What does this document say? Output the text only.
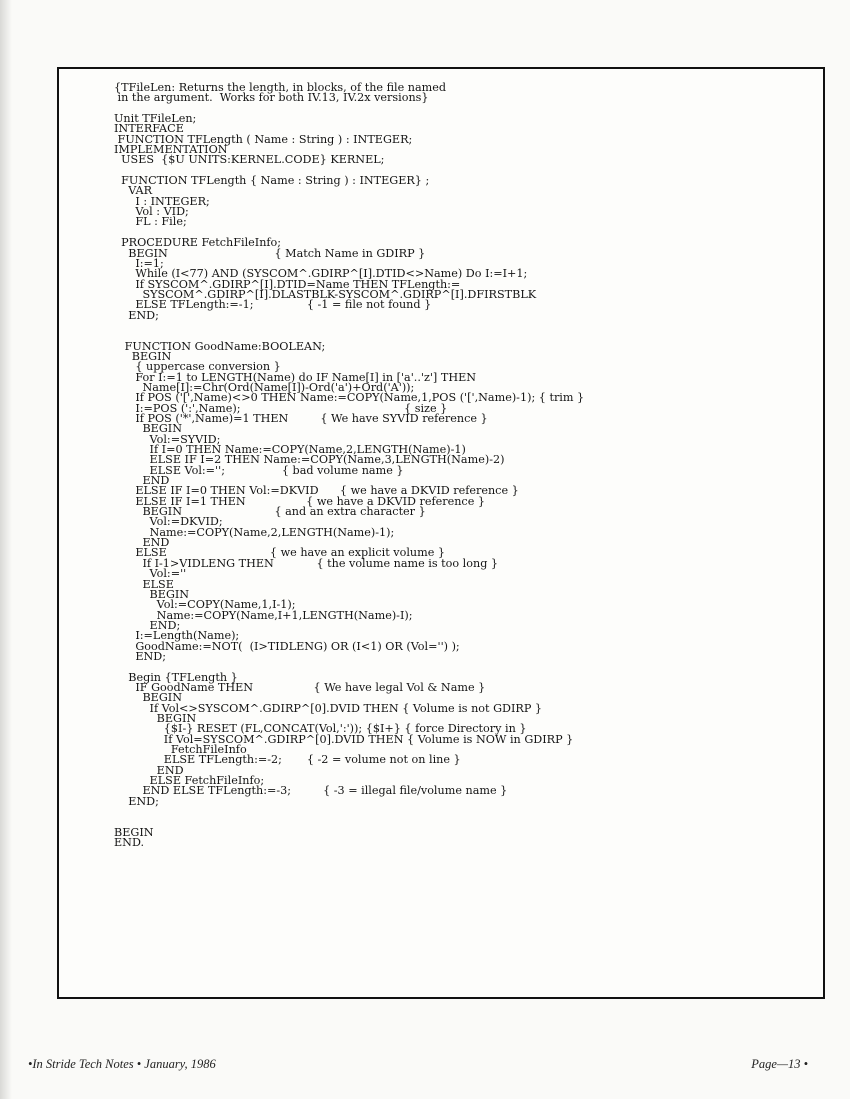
{TFileLen: Returns the length, in blocks, of the file named
in the argument.  Works for both IV.13, IV.2x versions}

Unit TFileLen;
INTERFACE
FUNCTION TFLength ( Name : String ) : INTEGER;
IMPLEMENTATION
USES  {$U UNITS:KERNEL.CODE} KERNEL;

FUNCTION TFLength { Name : String ) : INTEGER} ;
VAR
I : INTEGER;
Vol : VID;
FL : File;

PROCEDURE FetchFileInfo;
BEGIN                              { Match Name in GDIRP }
I:=1;
While (I<77) AND (SYSCOM^.GDIRP^[I].DTID<>Name) Do I:=I+1;
If SYSCOM^.GDIRP^[I].DTID=Name THEN TFLength:=
SYSCOM^.GDIRP^[I].DLASTBLK-SYSCOM^.GDIRP^[I].DFIRSTBLK
ELSE TFLength:=-1;               { -1 = file not found }
END;

FUNCTION GoodName:BOOLEAN;
BEGIN
{ uppercase conversion }
For I:=1 to LENGTH(Name) do IF Name[I] in ['a'..'z'] THEN
Name[I]:=Chr(Ord(Name[I])-Ord('a')+Ord('A'));
If POS ('[',Name)<>0 THEN Name:=COPY(Name,1,POS ('[',Name)-1); { trim }
I:=POS (':',Name);                                              { size }
If POS ('*',Name)=1 THEN         { We have SYVID reference }
BEGIN
Vol:=SYVID;
If I=0 THEN Name:=COPY(Name,2,LENGTH(Name)-1)
ELSE IF I=2 THEN Name:=COPY(Name,3,LENGTH(Name)-2)
ELSE Vol:='';                { bad volume name }
END
ELSE IF I=0 THEN Vol:=DKVID      { we have a DKVID reference }
ELSE IF I=1 THEN                 { we have a DKVID reference }
BEGIN                          { and an extra character }
Vol:=DKVID;
Name:=COPY(Name,2,LENGTH(Name)-1);
END
ELSE                             { we have an explicit volume }
If I-1>VIDLENG THEN            { the volume name is too long }
Vol:=''
ELSE
BEGIN
Vol:=COPY(Name,1,I-1);
Name:=COPY(Name,I+1,LENGTH(Name)-I);
END;
I:=Length(Name);
GoodName:=NOT(  (I>TIDLENG) OR (I<1) OR (Vol='') );
END;

Begin {TFLength }
IF GoodName THEN                 { We have legal Vol & Name }
BEGIN
If Vol<>SYSCOM^.GDIRP^[0].DVID THEN { Volume is not GDIRP }
BEGIN
{$I-} RESET (FL,CONCAT(Vol,':')); {$I+} { force Directory in }
If Vol=SYSCOM^.GDIRP^[0].DVID THEN { Volume is NOW in GDIRP }
FetchFileInfo
ELSE TFLength:=-2;       { -2 = volume not on line }
END
ELSE FetchFileInfo;
END ELSE TFLength:=-3;         { -3 = illegal file/volume name }
END;

BEGIN
END.
•In Stride Tech Notes • January, 1986	Page—13 •
